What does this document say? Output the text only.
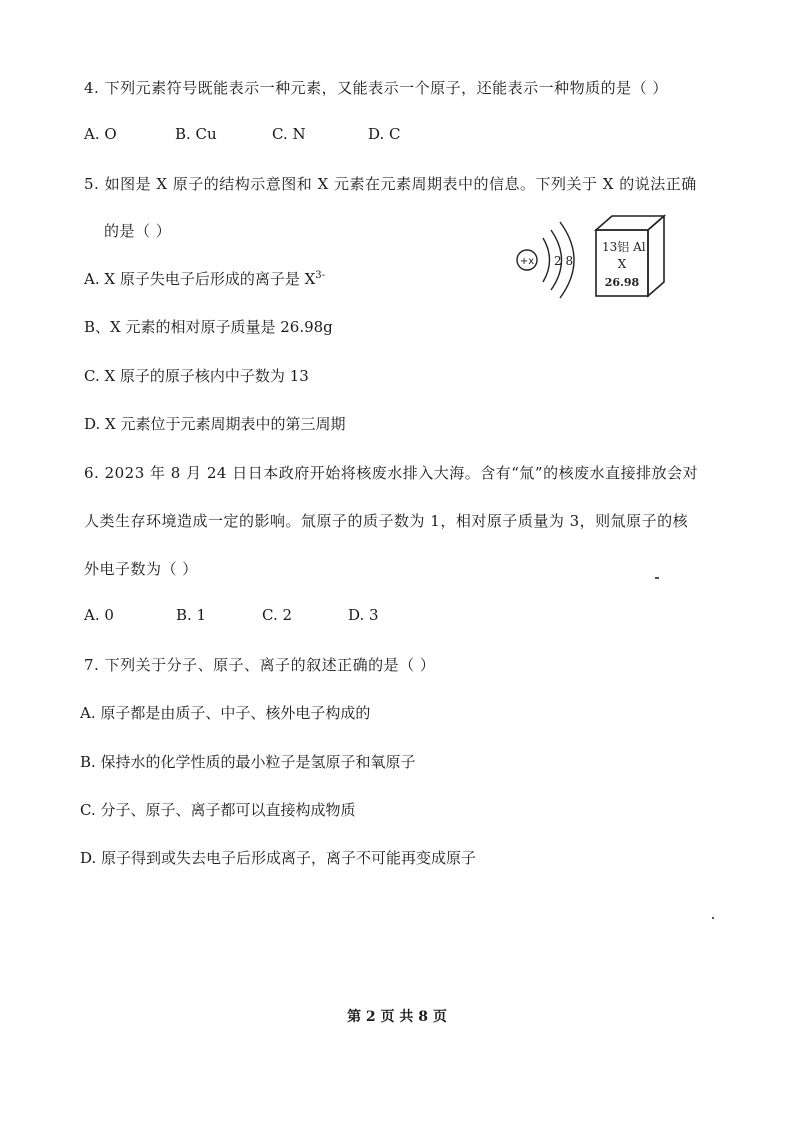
4. 下列元素符号既能表示一种元素，又能表示一个原子，还能表示一种物质的是（ ）
A. O	B. Cu	C. N	D. C
5. 如图是 X 原子的结构示意图和 X 元素在元素周期表中的信息。下列关于 X 的说法正确
的是（ ）
A. X 原子失电子后形成的离子是 $X^{3-}$
B、X 元素的相对原子质量是 26.98g
C. X 原子的原子核内中子数为 13
D. X 元素位于元素周期表中的第三周期
+x 2 8
13铝 Al
X
26.98
6. 2023 年 8 月 24 日日本政府开始将核废水排入大海。含有“氚”的核废水直接排放会对
人类生存环境造成一定的影响。氚原子的质子数为 1，相对原子质量为 3，则氚原子的核
外电子数为（ ）
A. 0	B. 1	C. 2	D. 3
7. 下列关于分子、原子、离子的叙述正确的是（ ）
A. 原子都是由质子、中子、核外电子构成的
B. 保持水的化学性质的最小粒子是氢原子和氧原子
C. 分子、原子、离子都可以直接构成物质
D. 原子得到或失去电子后形成离子，离子不可能再变成原子
第 2 页 共 8 页
